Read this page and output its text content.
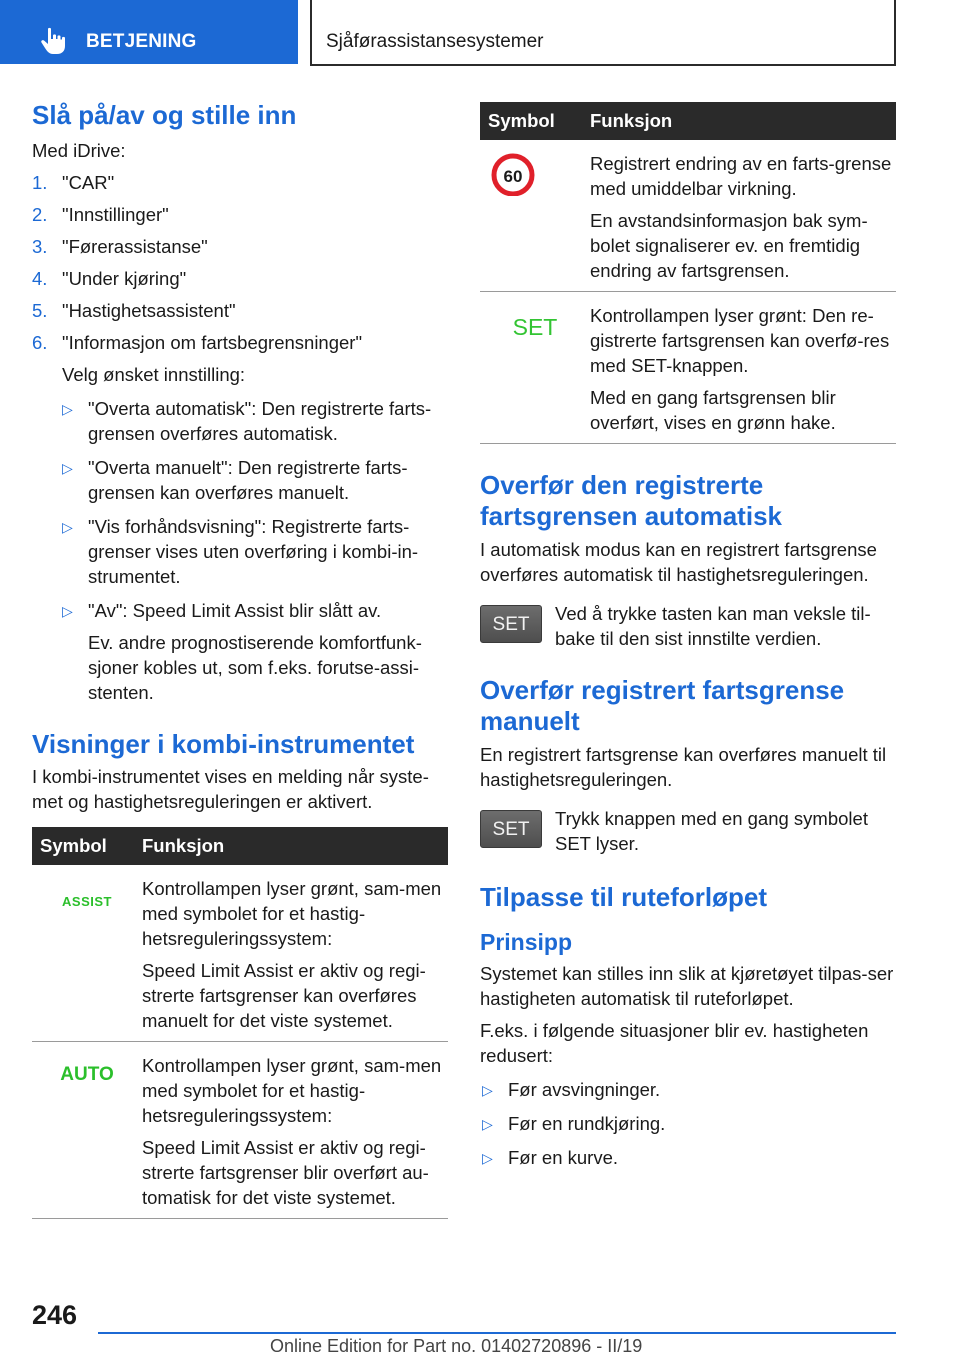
BETJENING	Sjåførassistansesystemer
Slå på/av og stille inn

Med iDrive:

1. "CAR"
2. "Innstillinger"
3. "Førerassistanse"
4. "Under kjøring"
5. "Hastighetsassistent"
6. "Informasjon om fartsbegrensninger"

Velg ønsket innstilling:

▷ "Overta automatisk": Den registrerte farts-grensen overføres automatisk.

▷ "Overta manuelt": Den registrerte farts-grensen kan overføres manuelt.

▷ "Vis forhåndsvisning": Registrerte farts-grenser vises uten overføring i kombi-in-strumentet.

▷ "Av": Speed Limit Assist blir slått av.

Ev. andre prognostiserende komfortfunk-sjoner kobles ut, som f.eks. forutse-assi-stenten.

Visninger i kombi-instrumentet

I kombi-instrumentet vises en melding når syste-met og hastighetsreguleringen er aktivert.

Symbol	Funksjon

ASSIST	Kontrollampen lyser grønt, sam-men med symbolet for et hastig-hetsreguleringssystem:

Speed Limit Assist er aktiv og regi-strerte fartsgrenser kan overføres manuelt for det viste systemet.

AUTO	Kontrollampen lyser grønt, sam-men med symbolet for et hastig-hetsreguleringssystem:

Speed Limit Assist er aktiv og regi-strerte fartsgrenser blir overført au-tomatisk for det viste systemet.

Symbol	Funksjon

60	Registrert endring av en farts-grense med umiddelbar virkning.

En avstandsinformasjon bak sym-bolet signaliserer ev. en fremtidig endring av fartsgrensen.

SET	Kontrollampen lyser grønt: Den re-gistrerte fartsgrensen kan overfø-res med SET-knappen.

Med en gang fartsgrensen blir overført, vises en grønn hake.

Overfør den registrerte fartsgrensen automatisk

I automatisk modus kan en registrert fartsgrense overføres automatisk til hastighetsreguleringen.

SET	Ved å trykke tasten kan man veksle til-bake til den sist innstilte verdien.
Overfør registrert fartsgrense manuelt

En registrert fartsgrense kan overføres manuelt til hastighetsreguleringen.

SET	Trykk knappen med en gang symbolet SET lyser.
Tilpasse til ruteforløpet
Prinsipp

Systemet kan stilles inn slik at kjøretøyet tilpas-ser hastigheten automatisk til ruteforløpet.

F.eks. i følgende situasjoner blir ev. hastigheten redusert:

▷ Før avsvingninger.
▷ Før en rundkjøring.
▷ Før en kurve.
246
Online Edition for Part no. 01402720896 - II/19
